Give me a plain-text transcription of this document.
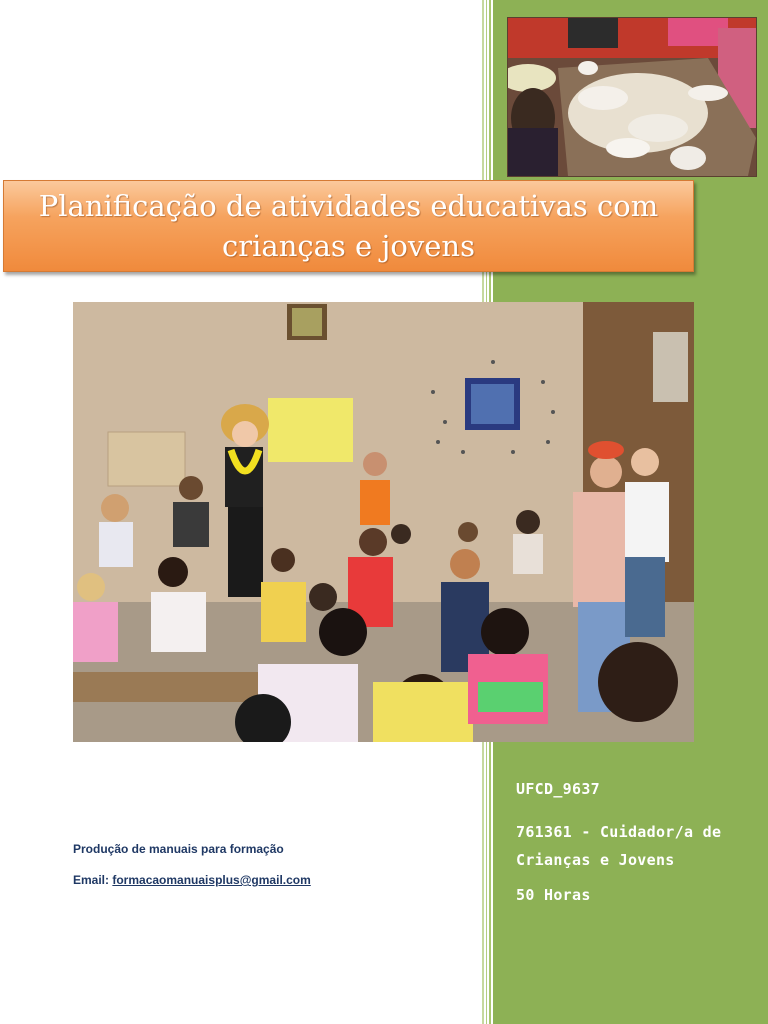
Planificação de atividades educativas com crianças e jovens
UFCD_9637
761361 - Cuidador/a de Crianças e Jovens
50 Horas
Produção de manuais para formação
Email: formacaomanuaisplus@gmail.com
